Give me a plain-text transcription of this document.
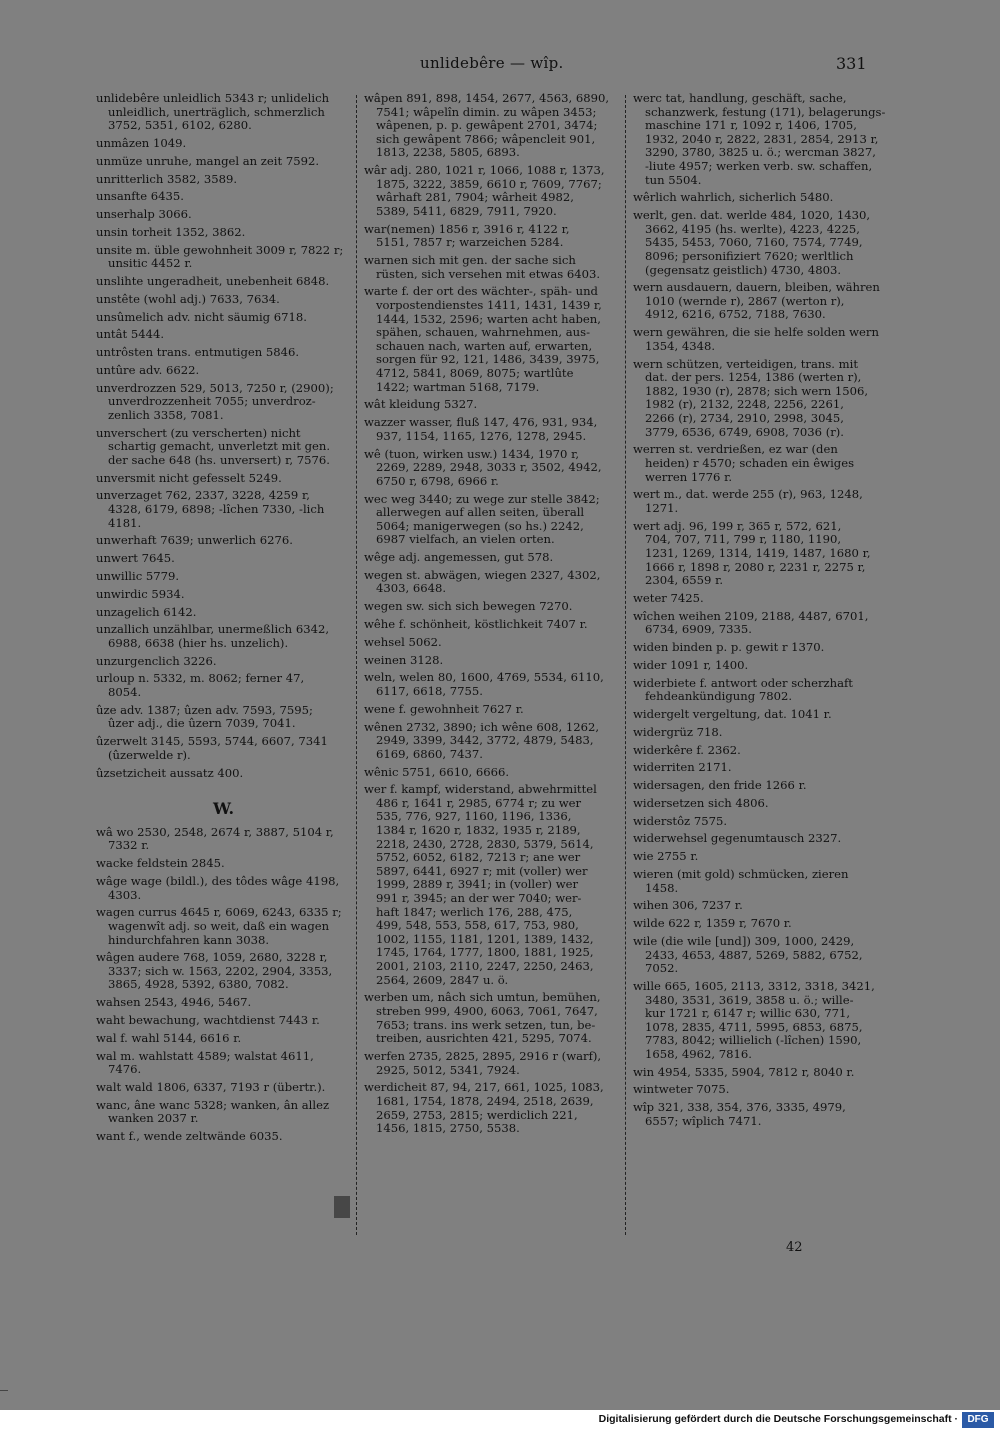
unlidebêre — wîp.	331
unlidebêre unleidlich 5343 r; unlidelich
unleidlich, unerträglich, schmerzlich
3752, 5351, 6102, 6280.
unmâzen 1049.
unmüze unruhe, mangel an zeit 7592.
unritterlich 3582, 3589.
unsanfte 6435.
unserhalp 3066.
unsin torheit 1352, 3862.
unsite m. üble gewohnheit 3009 r, 7822 r;
unsitic 4452 r.
unslihte ungeradheit, unebenheit 6848.
unstête (wohl adj.) 7633, 7634.
unsûmelich adv. nicht säumig 6718.
untât 5444.
untrôsten trans. entmutigen 5846.
untûre adv. 6622.
unverdrozzen 529, 5013, 7250 r, (2900);
unverdrozzenheit 7055; unverdroz-
zenlich 3358, 7081.
unverschert (zu verscherten) nicht
schartig gemacht, unverletzt mit gen.
der sache 648 (hs. unversert) r, 7576.
unversmit nicht gefesselt 5249.
unverzaget 762, 2337, 3228, 4259 r,
4328, 6179, 6898; -lîchen 7330, -lich
4181.
unwerhaft 7639; unwerlich 6276.
unwert 7645.
unwillic 5779.
unwirdic 5934.
unzagelich 6142.
unzallich unzählbar, unermeßlich 6342,
6988, 6638 (hier hs. unzelich).
unzurgenclich 3226.
urloup n. 5332, m. 8062; ferner 47,
8054.
ûze adv. 1387; ûzen adv. 7593, 7595;
ûzer adj., die ûzern 7039, 7041.
ûzerwelt 3145, 5593, 5744, 6607, 7341
(ûzerwelde r).
ûzsetzicheit aussatz 400.
W.
wâ wo 2530, 2548, 2674 r, 3887, 5104 r,
7332 r.
wacke feldstein 2845.
wâge wage (bildl.), des tôdes wâge 4198,
4303.
wagen currus 4645 r, 6069, 6243, 6335 r;
wagenwît adj. so weit, daß ein wagen
hindurchfahren kann 3038.
wâgen audere 768, 1059, 2680, 3228 r,
3337; sich w. 1563, 2202, 2904, 3353,
3865, 4928, 5392, 6380, 7082.
wahsen 2543, 4946, 5467.
waht bewachung, wachtdienst 7443 r.
wal f. wahl 5144, 6616 r.
wal m. wahlstatt 4589; walstat 4611,
7476.
walt wald 1806, 6337, 7193 r (übertr.).
wanc, âne wanc 5328; wanken, ân allez
wanken 2037 r.
want f., wende zeltwände 6035.
wâpen 891, 898, 1454, 2677, 4563, 6890,
7541; wâpelîn dimin. zu wâpen 3453;
wâpenen, p. p. gewâpent 2701, 3474;
sich gewâpent 7866; wâpencleit 901,
1813, 2238, 5805, 6893.
wâr adj. 280, 1021 r, 1066, 1088 r, 1373,
1875, 3222, 3859, 6610 r, 7609, 7767;
wârhaft 281, 7904; wârheit 4982,
5389, 5411, 6829, 7911, 7920.
war(nemen) 1856 r, 3916 r, 4122 r,
5151, 7857 r; warzeichen 5284.
warnen sich mit gen. der sache sich
rüsten, sich versehen mit etwas 6403.
warte f. der ort des wächter-, späh- und
vorpostendienstes 1411, 1431, 1439 r,
1444, 1532, 2596; warten acht haben,
spähen, schauen, wahrnehmen, aus-
schauen nach, warten auf, erwarten,
sorgen für 92, 121, 1486, 3439, 3975,
4712, 5841, 8069, 8075; wartlûte
1422; wartman 5168, 7179.
wât kleidung 5327.
wazzer wasser, fluß 147, 476, 931, 934,
937, 1154, 1165, 1276, 1278, 2945.
wê (tuon, wirken usw.) 1434, 1970 r,
2269, 2289, 2948, 3033 r, 3502, 4942,
6750 r, 6798, 6966 r.
wec weg 3440; zu wege zur stelle 3842;
allerwegen auf allen seiten, überall
5064; manigerwegen (so hs.) 2242,
6987 vielfach, an vielen orten.
wêge adj. angemessen, gut 578.
wegen st. abwägen, wiegen 2327, 4302,
4303, 6648.
wegen sw. sich sich bewegen 7270.
wêhe f. schönheit, köstlichkeit 7407 r.
wehsel 5062.
weinen 3128.
weln, welen 80, 1600, 4769, 5534, 6110,
6117, 6618, 7755.
wene f. gewohnheit 7627 r.
wênen 2732, 3890; ich wêne 608, 1262,
2949, 3399, 3442, 3772, 4879, 5483,
6169, 6860, 7437.
wênic 5751, 6610, 6666.
wer f. kampf, widerstand, abwehrmittel
486 r, 1641 r, 2985, 6774 r; zu wer
535, 776, 927, 1160, 1196, 1336,
1384 r, 1620 r, 1832, 1935 r, 2189,
2218, 2430, 2728, 2830, 5379, 5614,
5752, 6052, 6182, 7213 r; ane wer
5897, 6441, 6927 r; mit (voller) wer
1999, 2889 r, 3941; in (voller) wer
991 r, 3945; an der wer 7040; wer-
haft 1847; werlich 176, 288, 475,
499, 548, 553, 558, 617, 753, 980,
1002, 1155, 1181, 1201, 1389, 1432,
1745, 1764, 1777, 1800, 1881, 1925,
2001, 2103, 2110, 2247, 2250, 2463,
2564, 2609, 2847 u. ö.
werben um, nâch sich umtun, bemühen,
streben 999, 4900, 6063, 7061, 7647,
7653; trans. ins werk setzen, tun, be-
treiben, ausrichten 421, 5295, 7074.
werfen 2735, 2825, 2895, 2916 r (warf),
2925, 5012, 5341, 7924.
werdicheit 87, 94, 217, 661, 1025, 1083,
1681, 1754, 1878, 2494, 2518, 2639,
2659, 2753, 2815; werdiclich 221,
1456, 1815, 2750, 5538.
werc tat, handlung, geschäft, sache,
schanzwerk, festung (171), belagerungs-
maschine 171 r, 1092 r, 1406, 1705,
1932, 2040 r, 2822, 2831, 2854, 2913 r,
3290, 3780, 3825 u. ö.; wercman 3827,
-liute 4957; werken verb. sw. schaffen,
tun 5504.
wêrlich wahrlich, sicherlich 5480.
werlt, gen. dat. werlde 484, 1020, 1430,
3662, 4195 (hs. werlte), 4223, 4225,
5435, 5453, 7060, 7160, 7574, 7749,
8096; personifiziert 7620; werltlich
(gegensatz geistlich) 4730, 4803.
wern ausdauern, dauern, bleiben, währen
1010 (wernde r), 2867 (werton r),
4912, 6216, 6752, 7188, 7630.
wern gewähren, die sie helfe solden wern
1354, 4348.
wern schützen, verteidigen, trans. mit
dat. der pers. 1254, 1386 (werten r),
1882, 1930 (r), 2878; sich wern 1506,
1982 (r), 2132, 2248, 2256, 2261,
2266 (r), 2734, 2910, 2998, 3045,
3779, 6536, 6749, 6908, 7036 (r).
werren st. verdrießen, ez war (den
heiden) r 4570; schaden ein êwiges
werren 1776 r.
wert m., dat. werde 255 (r), 963, 1248,
1271.
wert adj. 96, 199 r, 365 r, 572, 621,
704, 707, 711, 799 r, 1180, 1190,
1231, 1269, 1314, 1419, 1487, 1680 r,
1666 r, 1898 r, 2080 r, 2231 r, 2275 r,
2304, 6559 r.
weter 7425.
wîchen weihen 2109, 2188, 4487, 6701,
6734, 6909, 7335.
widen binden p. p. gewit r 1370.
wider 1091 r, 1400.
widerbiete f. antwort oder scherzhaft
fehdeankündigung 7802.
widergelt vergeltung, dat. 1041 r.
widergrüz 718.
widerkêre f. 2362.
widerriten 2171.
widersagen, den fride 1266 r.
widersetzen sich 4806.
widerstôz 7575.
widerwehsel gegenumtausch 2327.
wie 2755 r.
wieren (mit gold) schmücken, zieren
1458.
wihen 306, 7237 r.
wilde 622 r, 1359 r, 7670 r.
wile (die wile [und]) 309, 1000, 2429,
2433, 4653, 4887, 5269, 5882, 6752,
7052.
wille 665, 1605, 2113, 3312, 3318, 3421,
3480, 3531, 3619, 3858 u. ö.; wille-
kur 1721 r, 6147 r; willic 630, 771,
1078, 2835, 4711, 5995, 6853, 6875,
7783, 8042; willielich (-lîchen) 1590,
1658, 4962, 7816.
win 4954, 5335, 5904, 7812 r, 8040 r.
wintweter 7075.
wîp 321, 338, 354, 376, 3335, 4979,
6557; wîplich 7471.
42
Digitalisierung gefördert durch die Deutsche Forschungsgemeinschaft · DFG
